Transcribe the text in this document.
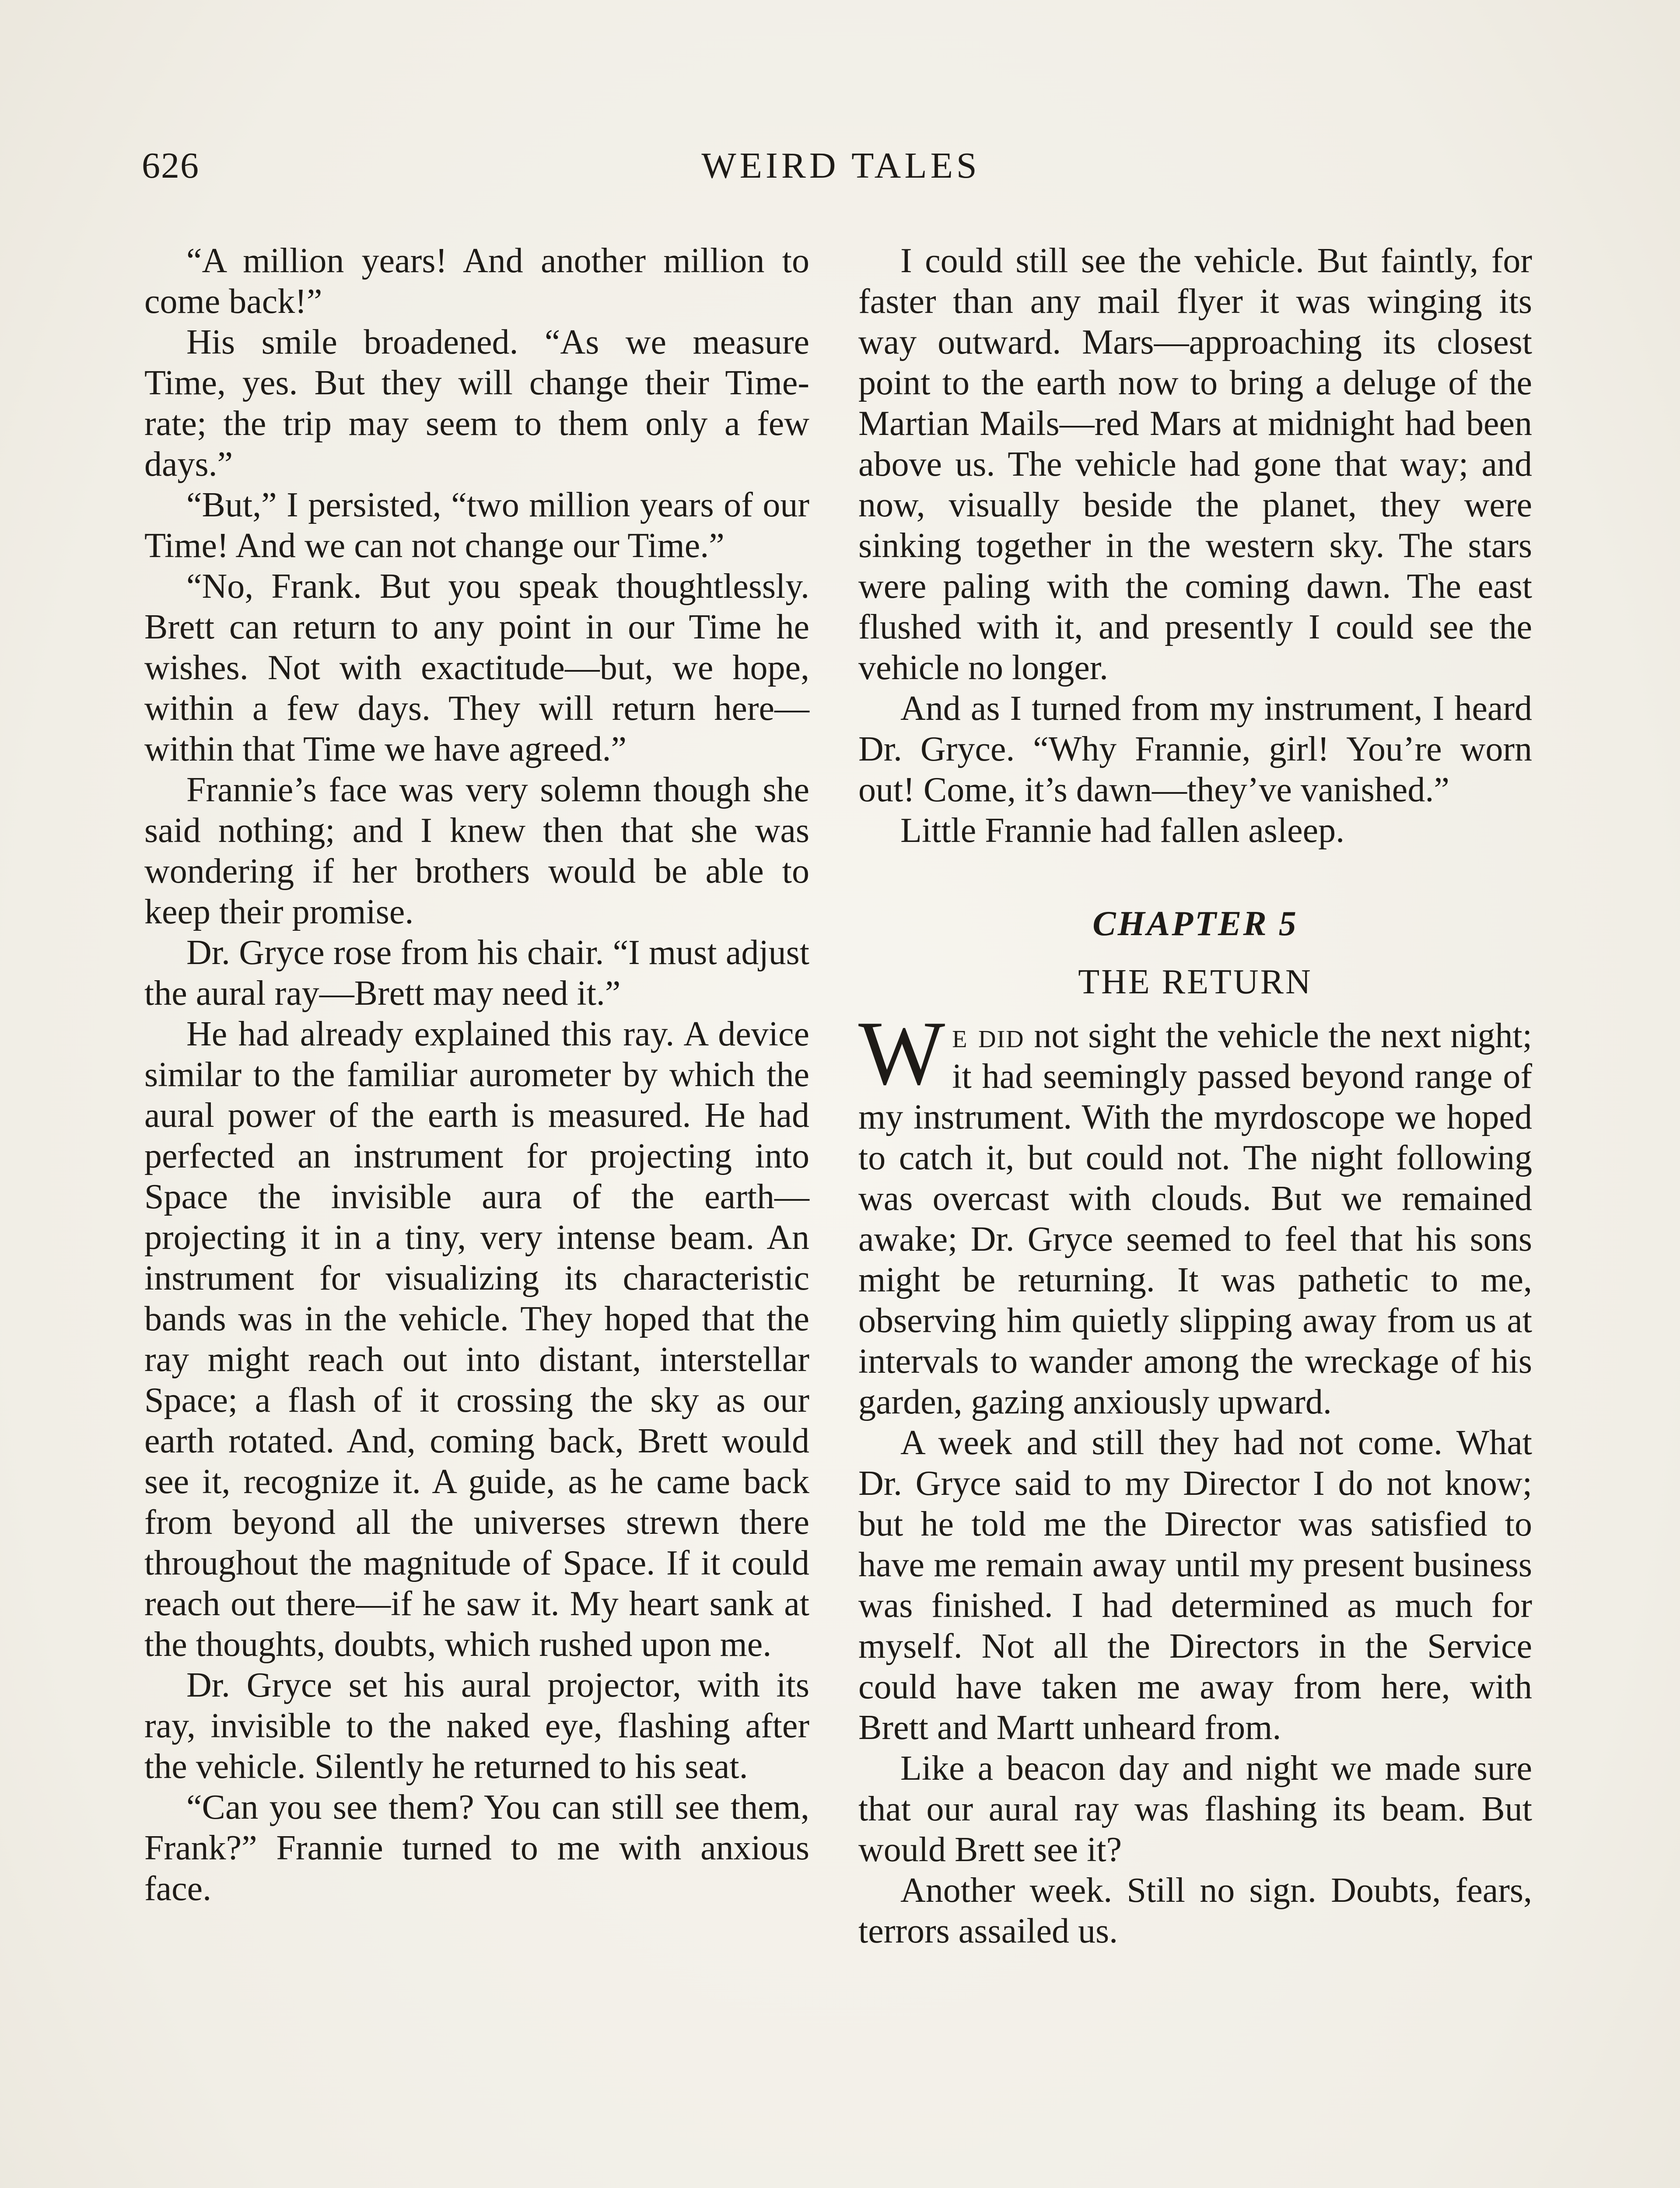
626	WEIRD TALES

“A million years! And another million to come back!”

His smile broadened. “As we measure Time, yes. But they will change their Time-rate; the trip may seem to them only a few days.”

“But,” I persisted, “two million years of our Time! And we can not change our Time.”

“No, Frank. But you speak thoughtlessly. Brett can return to any point in our Time he wishes. Not with exactitude—but, we hope, within a few days. They will return here—within that Time we have agreed.”

Frannie’s face was very solemn though she said nothing; and I knew then that she was wondering if her brothers would be able to keep their promise.

Dr. Gryce rose from his chair. “I must adjust the aural ray—Brett may need it.”

He had already explained this ray. A device similar to the familiar aurometer by which the aural power of the earth is measured. He had perfected an instrument for projecting into Space the invisible aura of the earth—projecting it in a tiny, very intense beam. An instrument for visualizing its characteristic bands was in the vehicle. They hoped that the ray might reach out into distant, interstellar Space; a flash of it crossing the sky as our earth rotated. And, coming back, Brett would see it, recognize it. A guide, as he came back from beyond all the universes strewn there throughout the magnitude of Space. If it could reach out there—if he saw it. My heart sank at the thoughts, doubts, which rushed upon me.

Dr. Gryce set his aural projector, with its ray, invisible to the naked eye, flashing after the vehicle. Silently he returned to his seat.

“Can you see them? You can still see them, Frank?” Frannie turned to me with anxious face.

I could still see the vehicle. But faintly, for faster than any mail flyer it was winging its way outward. Mars—approaching its closest point to the earth now to bring a deluge of the Martian Mails—red Mars at midnight had been above us. The vehicle had gone that way; and now, visually beside the planet, they were sinking together in the western sky. The stars were paling with the coming dawn. The east flushed with it, and presently I could see the vehicle no longer.

And as I turned from my instrument, I heard Dr. Gryce. “Why Frannie, girl! You’re worn out! Come, it’s dawn—they’ve vanished.”

Little Frannie had fallen asleep.

CHAPTER 5
THE RETURN

We did not sight the vehicle the next night; it had seemingly passed beyond range of my instrument. With the myrdoscope we hoped to catch it, but could not. The night following was overcast with clouds. But we remained awake; Dr. Gryce seemed to feel that his sons might be returning. It was pathetic to me, observing him quietly slipping away from us at intervals to wander among the wreckage of his garden, gazing anxiously upward.

A week and still they had not come. What Dr. Gryce said to my Director I do not know; but he told me the Director was satisfied to have me remain away until my present business was finished. I had determined as much for myself. Not all the Directors in the Service could have taken me away from here, with Brett and Martt unheard from.

Like a beacon day and night we made sure that our aural ray was flashing its beam. But would Brett see it?

Another week. Still no sign. Doubts, fears, terrors assailed us.
